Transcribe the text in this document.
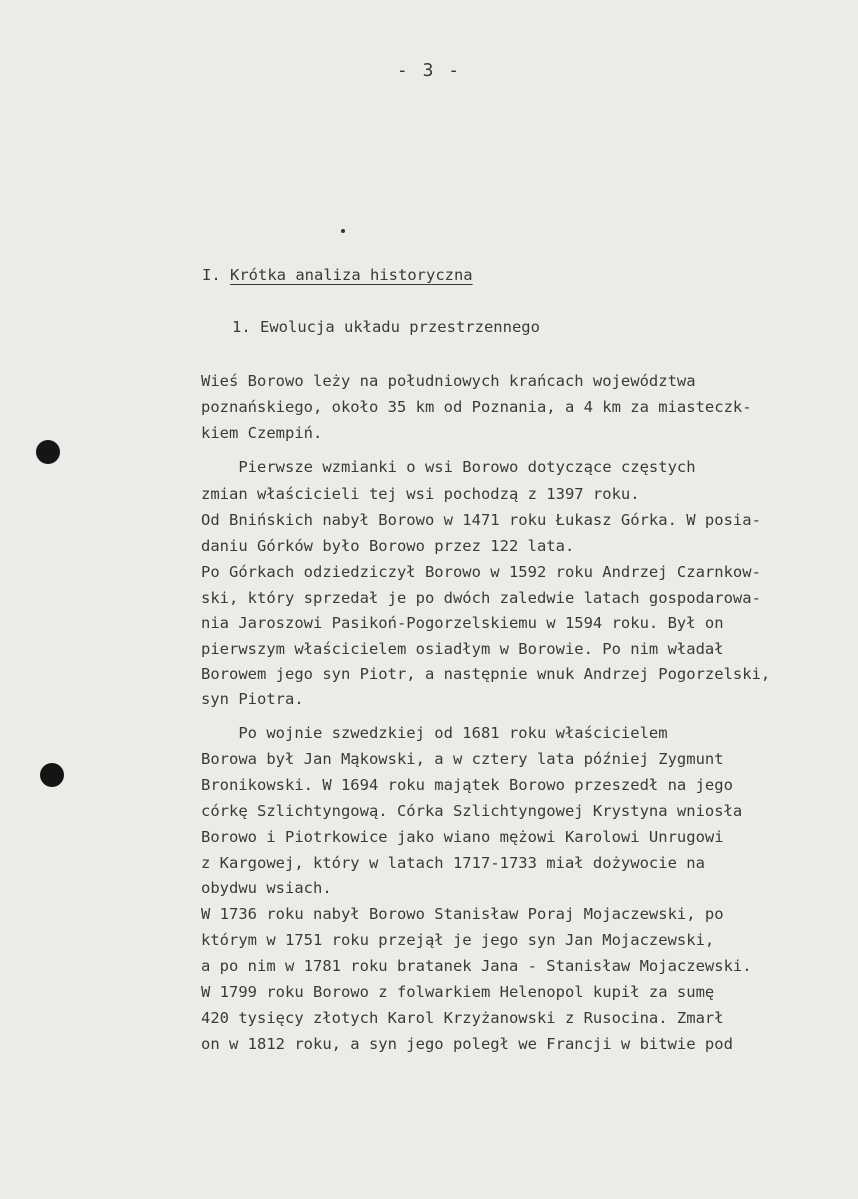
- 3 -
I. Krótka analiza historyczna
1. Ewolucja układu przestrzennego
Wieś Borowo leży na południowych krańcach województwa
poznańskiego, około 35 km od Poznania, a 4 km za miasteczk-
kiem Czempiń.
Pierwsze wzmianki o wsi Borowo dotyczące częstych
zmian właścicieli tej wsi pochodzą z 1397 roku.
Od Bnińskich nabył Borowo w 1471 roku Łukasz Górka. W posia-
daniu Górków było Borowo przez 122 lata.
Po Górkach odziedziczył Borowo w 1592 roku Andrzej Czarnkow-
ski, który sprzedał je po dwóch zaledwie latach gospodarowa-
nia Jaroszowi Pasikoń-Pogorzelskiemu w 1594 roku. Był on
pierwszym właścicielem osiadłym w Borowie. Po nim władał
Borowem jego syn Piotr, a następnie wnuk Andrzej Pogorzelski,
syn Piotra.
Po wojnie szwedzkiej od 1681 roku właścicielem
Borowa był Jan Mąkowski, a w cztery lata później Zygmunt
Bronikowski. W 1694 roku majątek Borowo przeszedł na jego
córkę Szlichtyngową. Córka Szlichtyngowej Krystyna wniosła
Borowo i Piotrkowice jako wiano mężowi Karolowi Unrugowi
z Kargowej, który w latach 1717-1733 miał dożywocie na
obydwu wsiach.
W 1736 roku nabył Borowo Stanisław Poraj Mojaczewski, po
którym w 1751 roku przejął je jego syn Jan Mojaczewski,
a po nim w 1781 roku bratanek Jana - Stanisław Mojaczewski.
W 1799 roku Borowo z folwarkiem Helenopol kupił za sumę
420 tysięcy złotych Karol Krzyżanowski z Rusocina. Zmarł
on w 1812 roku, a syn jego poległ we Francji w bitwie pod
